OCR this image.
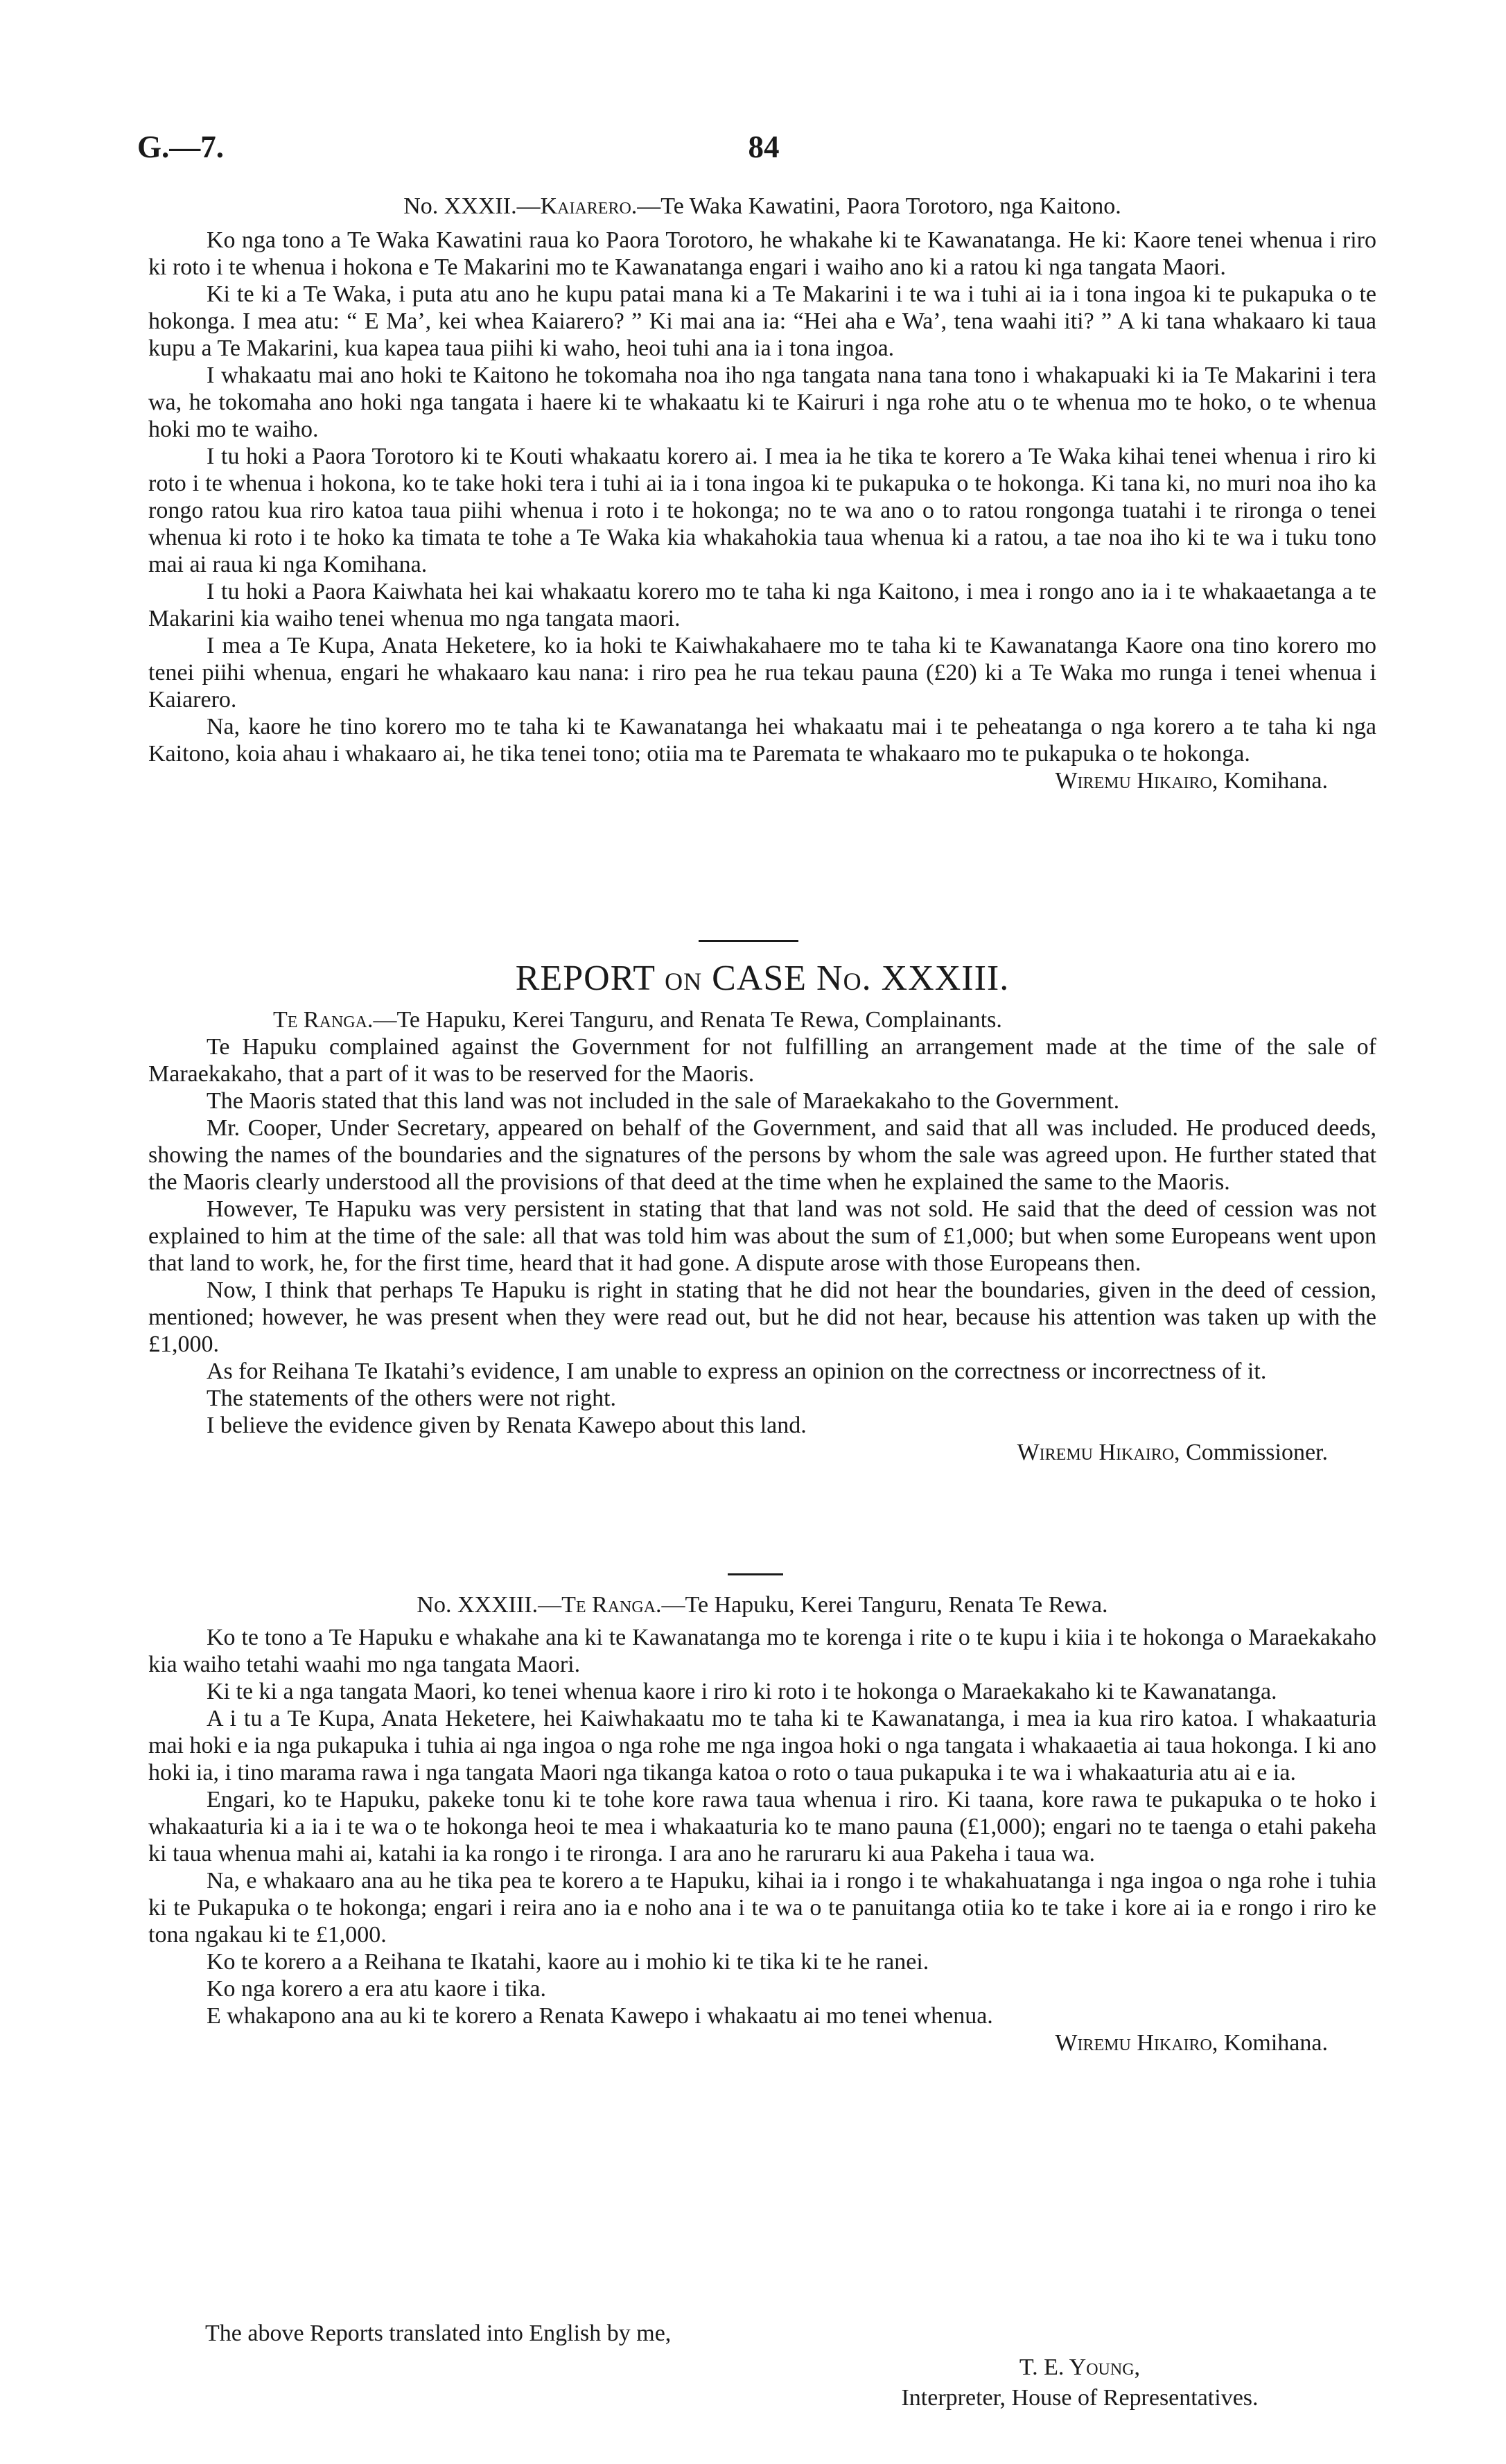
G.—7.	84

No. XXXII.—Kaiarero.—Te Waka Kawatini, Paora Torotoro, nga Kaitono.

Ko nga tono a Te Waka Kawatini raua ko Paora Torotoro, he whakahe ki te Kawanatanga. He ki: Kaore tenei whenua i riro ki roto i te whenua i hokona e Te Makarini mo te Kawanatanga engari i waiho ano ki a ratou ki nga tangata Maori.

Ki te ki a Te Waka, i puta atu ano he kupu patai mana ki a Te Makarini i te wa i tuhi ai ia i tona ingoa ki te pukapuka o te hokonga. I mea atu: “ E Ma’, kei whea Kaiarero? ” Ki mai ana ia: “Hei aha e Wa’, tena waahi iti? ” A ki tana whakaaro ki taua kupu a Te Makarini, kua kapea taua piihi ki waho, heoi tuhi ana ia i tona ingoa.

I whakaatu mai ano hoki te Kaitono he tokomaha noa iho nga tangata nana tana tono i whakapuaki ki ia Te Makarini i tera wa, he tokomaha ano hoki nga tangata i haere ki te whakaatu ki te Kairuri i nga rohe atu o te whenua mo te hoko, o te whenua hoki mo te waiho.

I tu hoki a Paora Torotoro ki te Kouti whakaatu korero ai. I mea ia he tika te korero a Te Waka kihai tenei whenua i riro ki roto i te whenua i hokona, ko te take hoki tera i tuhi ai ia i tona ingoa ki te pukapuka o te hokonga. Ki tana ki, no muri noa iho ka rongo ratou kua riro katoa taua piihi whenua i roto i te hokonga; no te wa ano o to ratou rongonga tuatahi i te rironga o tenei whenua ki roto i te hoko ka timata te tohe a Te Waka kia whakahokia taua whenua ki a ratou, a tae noa iho ki te wa i tuku tono mai ai raua ki nga Komihana.

I tu hoki a Paora Kaiwhata hei kai whakaatu korero mo te taha ki nga Kaitono, i mea i rongo ano ia i te whakaaetanga a te Makarini kia waiho tenei whenua mo nga tangata maori.

I mea a Te Kupa, Anata Heketere, ko ia hoki te Kaiwhakahaere mo te taha ki te Kawanatanga Kaore ona tino korero mo tenei piihi whenua, engari he whakaaro kau nana: i riro pea he rua tekau pauna (£20) ki a Te Waka mo runga i tenei whenua i Kaiarero.

Na, kaore he tino korero mo te taha ki te Kawanatanga hei whakaatu mai i te peheatanga o nga korero a te taha ki nga Kaitono, koia ahau i whakaaro ai, he tika tenei tono; otiia ma te Paremata te whakaaro mo te pukapuka o te hokonga.

Wiremu Hikairo, Komihana.

REPORT on CASE No. XXXIII.

Te Ranga.—Te Hapuku, Kerei Tanguru, and Renata Te Rewa, Complainants.

Te Hapuku complained against the Government for not fulfilling an arrangement made at the time of the sale of Maraekakaho, that a part of it was to be reserved for the Maoris.

The Maoris stated that this land was not included in the sale of Maraekakaho to the Government.

Mr. Cooper, Under Secretary, appeared on behalf of the Government, and said that all was included. He produced deeds, showing the names of the boundaries and the signatures of the persons by whom the sale was agreed upon. He further stated that the Maoris clearly understood all the provisions of that deed at the time when he explained the same to the Maoris.

However, Te Hapuku was very persistent in stating that that land was not sold. He said that the deed of cession was not explained to him at the time of the sale: all that was told him was about the sum of £1,000; but when some Europeans went upon that land to work, he, for the first time, heard that it had gone. A dispute arose with those Europeans then.

Now, I think that perhaps Te Hapuku is right in stating that he did not hear the boundaries, given in the deed of cession, mentioned; however, he was present when they were read out, but he did not hear, because his attention was taken up with the £1,000.

As for Reihana Te Ikatahi’s evidence, I am unable to express an opinion on the correctness or incorrectness of it.

The statements of the others were not right.

I believe the evidence given by Renata Kawepo about this land.

Wiremu Hikairo, Commissioner.

No. XXXIII.—Te Ranga.—Te Hapuku, Kerei Tanguru, Renata Te Rewa.

Ko te tono a Te Hapuku e whakahe ana ki te Kawanatanga mo te korenga i rite o te kupu i kiia i te hokonga o Maraekakaho kia waiho tetahi waahi mo nga tangata Maori.

Ki te ki a nga tangata Maori, ko tenei whenua kaore i riro ki roto i te hokonga o Maraekakaho ki te Kawanatanga.

A i tu a Te Kupa, Anata Heketere, hei Kaiwhakaatu mo te taha ki te Kawanatanga, i mea ia kua riro katoa. I whakaaturia mai hoki e ia nga pukapuka i tuhia ai nga ingoa o nga rohe me nga ingoa hoki o nga tangata i whakaaetia ai taua hokonga. I ki ano hoki ia, i tino marama rawa i nga tangata Maori nga tikanga katoa o roto o taua pukapuka i te wa i whakaaturia atu ai e ia.

Engari, ko te Hapuku, pakeke tonu ki te tohe kore rawa taua whenua i riro. Ki taana, kore rawa te pukapuka o te hoko i whakaaturia ki a ia i te wa o te hokonga heoi te mea i whakaaturia ko te mano pauna (£1,000); engari no te taenga o etahi pakeha ki taua whenua mahi ai, katahi ia ka rongo i te rironga. I ara ano he raruraru ki aua Pakeha i taua wa.

Na, e whakaaro ana au he tika pea te korero a te Hapuku, kihai ia i rongo i te whakahuatanga i nga ingoa o nga rohe i tuhia ki te Pukapuka o te hokonga; engari i reira ano ia e noho ana i te wa o te panuitanga otiia ko te take i kore ai ia e rongo i riro ke tona ngakau ki te £1,000.

Ko te korero a a Reihana te Ikatahi, kaore au i mohio ki te tika ki te he ranei.

Ko nga korero a era atu kaore i tika.

E whakapono ana au ki te korero a Renata Kawepo i whakaatu ai mo tenei whenua.

Wiremu Hikairo, Komihana.

The above Reports translated into English by me,
T. E. Young,
Interpreter, House of Representatives.
